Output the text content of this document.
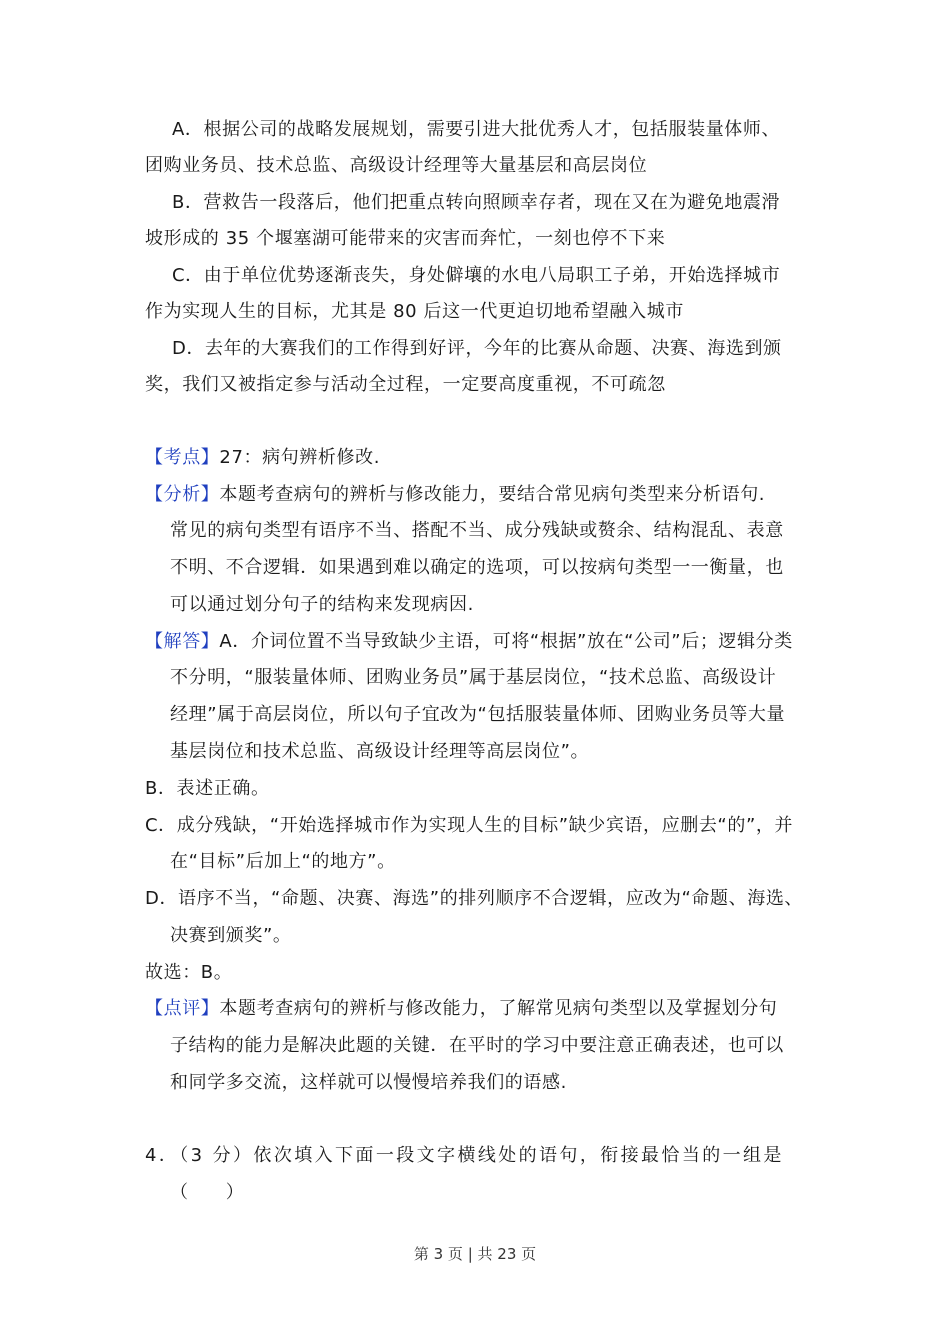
A．根据公司的战略发展规划，需要引进大批优秀人才，包括服装量体师、
团购业务员、技术总监、高级设计经理等大量基层和高层岗位
B．营救告一段落后，他们把重点转向照顾幸存者，现在又在为避免地震滑
坡形成的 35 个堰塞湖可能带来的灾害而奔忙，一刻也停不下来
C．由于单位优势逐渐丧失，身处僻壤的水电八局职工子弟，开始选择城市
作为实现人生的目标，尤其是 80 后这一代更迫切地希望融入城市
D．去年的大赛我们的工作得到好评，今年的比赛从命题、决赛、海选到颁
奖，我们又被指定参与活动全过程，一定要高度重视，不可疏忽
【考点】27：病句辨析修改.
【分析】本题考查病句的辨析与修改能力，要结合常见病句类型来分析语句.
常见的病句类型有语序不当、搭配不当、成分残缺或赘余、结构混乱、表意
不明、不合逻辑．如果遇到难以确定的选项，可以按病句类型一一衡量，也
可以通过划分句子的结构来发现病因.
【解答】A．介词位置不当导致缺少主语，可将“根据”放在“公司”后；逻辑分类
不分明，“服装量体师、团购业务员”属于基层岗位，“技术总监、高级设计
经理”属于高层岗位，所以句子宜改为“包括服装量体师、团购业务员等大量
基层岗位和技术总监、高级设计经理等高层岗位”。
B．表述正确。
C．成分残缺，“开始选择城市作为实现人生的目标”缺少宾语，应删去“的”，并
在“目标”后加上“的地方”。
D．语序不当，“命题、决赛、海选”的排列顺序不合逻辑，应改为“命题、海选、
决赛到颁奖”。
故选：B。
【点评】本题考查病句的辨析与修改能力，了解常见病句类型以及掌握划分句
子结构的能力是解决此题的关键．在平时的学习中要注意正确表述，也可以
和同学多交流，这样就可以慢慢培养我们的语感.
4．（3 分）依次填入下面一段文字横线处的语句，衔接最恰当的一组是
（　　）
第 3 页 | 共 23 页
